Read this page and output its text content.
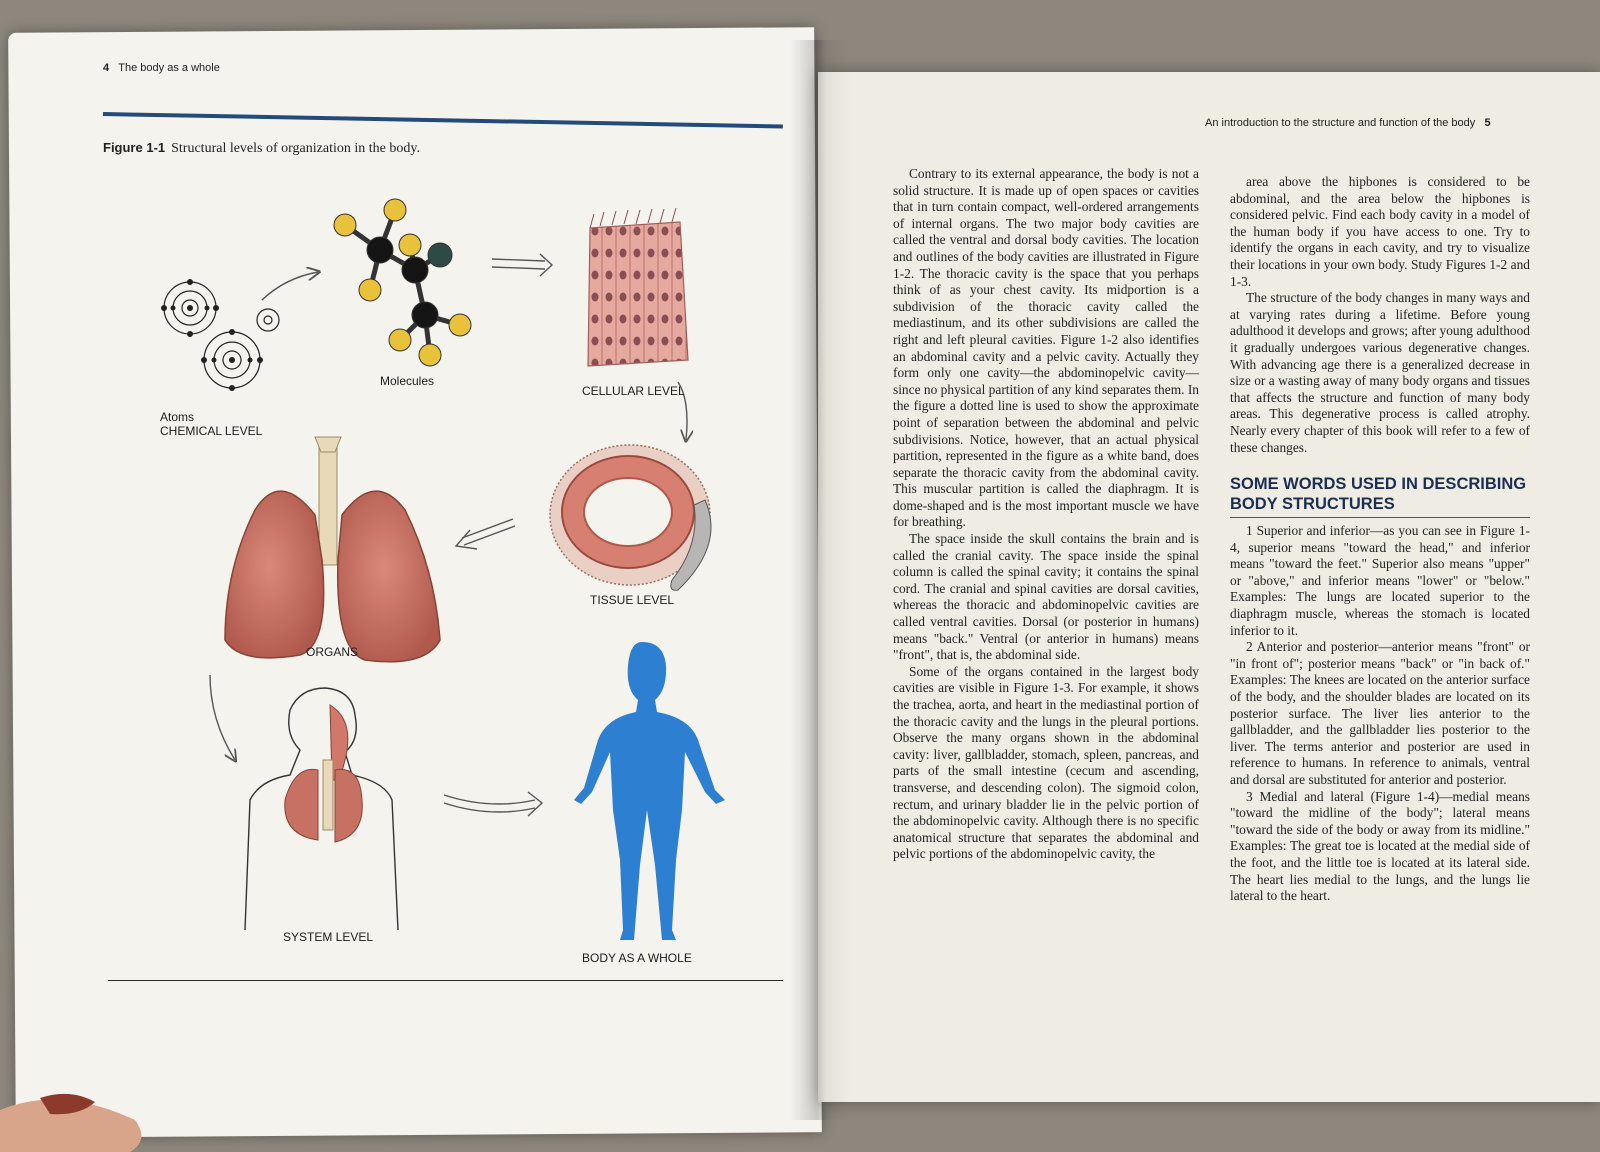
4 The body as a whole
An introduction to the structure and function of the body 5
Figure 1-1 Structural levels of organization in the body.
Atoms
CHEMICAL LEVEL
Molecules
CELLULAR LEVEL
TISSUE LEVEL
ORGANS
SYSTEM LEVEL
BODY AS A WHOLE

Contrary to its external appearance, the body is not a solid structure. It is made up of open spaces or cavities that in turn contain compact, well-ordered arrangements of internal organs. The two major body cavities are called the ventral and dorsal body cavities. The location and outlines of the body cavities are illustrated in Figure 1-2. The thoracic cavity is the space that you perhaps think of as your chest cavity. Its midportion is a subdivision of the thoracic cavity called the mediastinum, and its other subdivisions are called the right and left pleural cavities. Figure 1-2 also identifies an abdominal cavity and a pelvic cavity. Actually they form only one cavity—the abdominopelvic cavity—since no physical partition of any kind separates them. In the figure a dotted line is used to show the approximate point of separation between the abdominal and pelvic subdivisions. Notice, however, that an actual physical partition, represented in the figure as a white band, does separate the thoracic cavity from the abdominal cavity. This muscular partition is called the diaphragm. It is dome-shaped and is the most important muscle we have for breathing.

The space inside the skull contains the brain and is called the cranial cavity. The space inside the spinal column is called the spinal cavity; it contains the spinal cord. The cranial and spinal cavities are dorsal cavities, whereas the thoracic and abdominopelvic cavities are called ventral cavities. Dorsal (or posterior in humans) means "back." Ventral (or anterior in humans) means "front", that is, the abdominal side.

Some of the organs contained in the largest body cavities are visible in Figure 1-3. For example, it shows the trachea, aorta, and heart in the mediastinal portion of the thoracic cavity and the lungs in the pleural portions. Observe the many organs shown in the abdominal cavity: liver, gallbladder, stomach, spleen, pancreas, and parts of the small intestine (cecum and ascending, transverse, and descending colon). The sigmoid colon, rectum, and urinary bladder lie in the pelvic portion of the abdominopelvic cavity. Although there is no specific anatomical structure that separates the abdominal and pelvic portions of the abdominopelvic cavity, the

area above the hipbones is considered to be abdominal, and the area below the hipbones is considered pelvic. Find each body cavity in a model of the human body if you have access to one. Try to identify the organs in each cavity, and try to visualize their locations in your own body. Study Figures 1-2 and 1-3.

The structure of the body changes in many ways and at varying rates during a lifetime. Before young adulthood it develops and grows; after young adulthood it gradually undergoes various degenerative changes. With advancing age there is a generalized decrease in size or a wasting away of many body organs and tissues that affects the structure and function of many body areas. This degenerative process is called atrophy. Nearly every chapter of this book will refer to a few of these changes.

SOME WORDS USED IN DESCRIBING BODY STRUCTURES

1 Superior and inferior—as you can see in Figure 1-4, superior means "toward the head," and inferior means "toward the feet." Superior also means "upper" or "above," and inferior means "lower" or "below." Examples: The lungs are located superior to the diaphragm muscle, whereas the stomach is located inferior to it.

2 Anterior and posterior—anterior means "front" or "in front of"; posterior means "back" or "in back of." Examples: The knees are located on the anterior surface of the body, and the shoulder blades are located on its posterior surface. The liver lies anterior to the gallbladder, and the gallbladder lies posterior to the liver. The terms anterior and posterior are used in reference to humans. In reference to animals, ventral and dorsal are substituted for anterior and posterior.

3 Medial and lateral (Figure 1-4)—medial means "toward the midline of the body"; lateral means "toward the side of the body or away from its midline." Examples: The great toe is located at the medial side of the foot, and the little toe is located at its lateral side. The heart lies medial to the lungs, and the lungs lie lateral to the heart.
